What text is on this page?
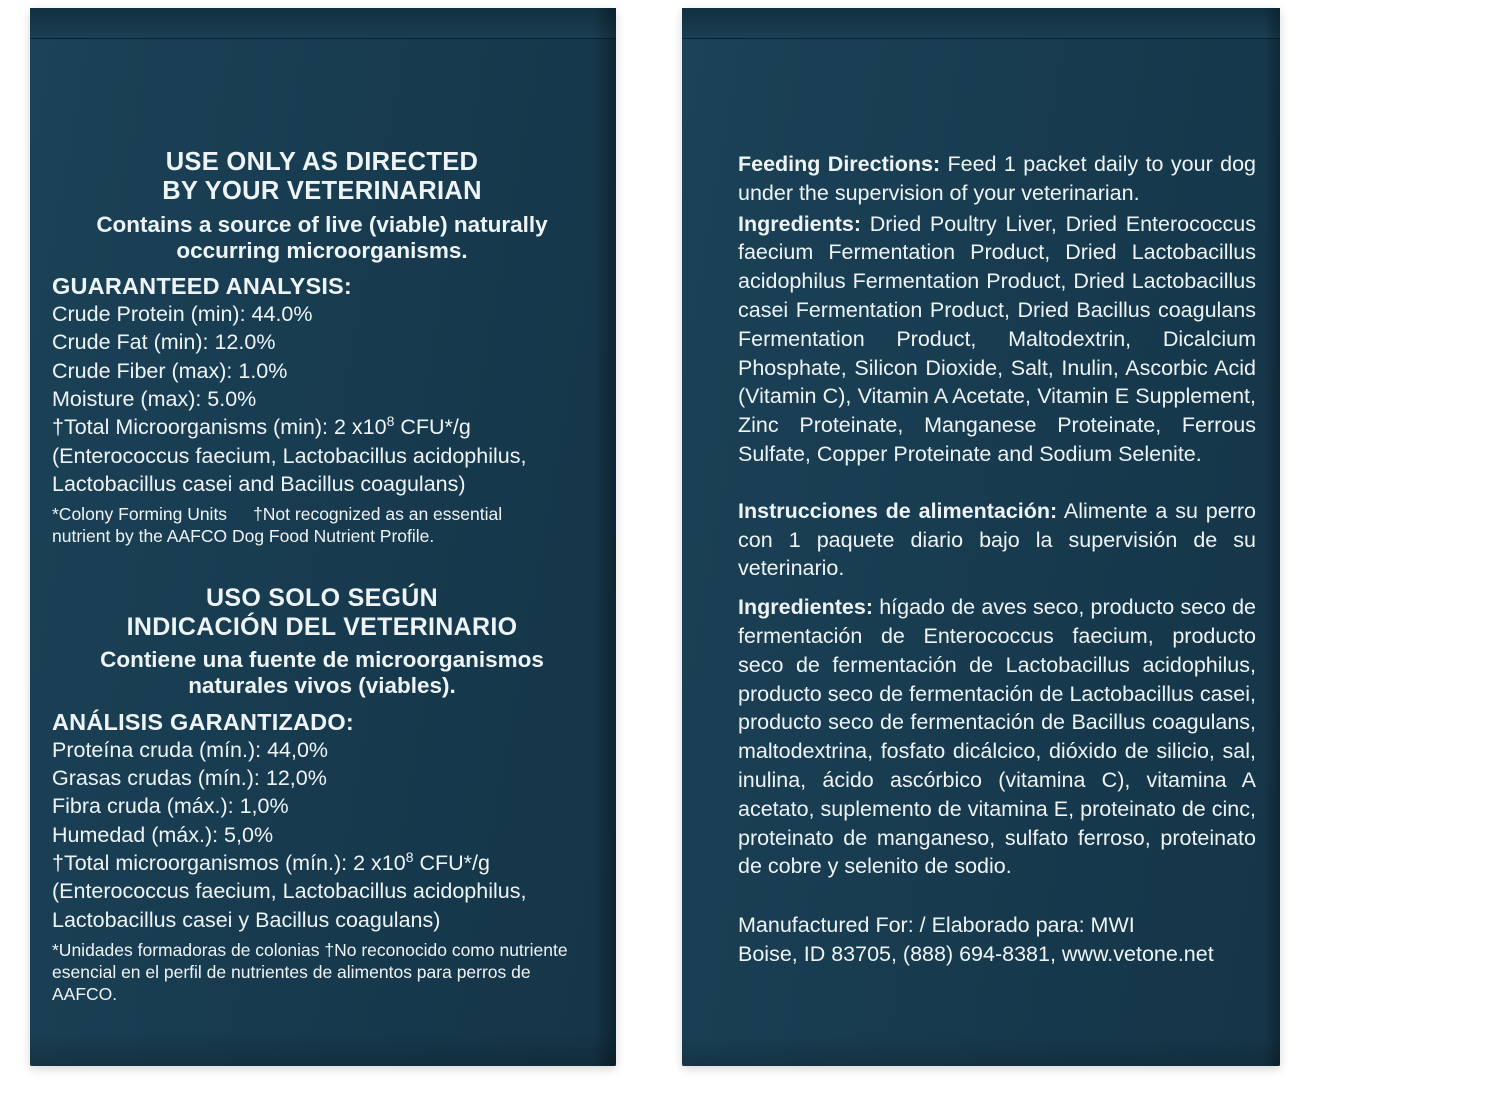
USE ONLY AS DIRECTED
BY YOUR VETERINARIAN
Contains a source of live (viable) naturally
occurring microorganisms.
GUARANTEED ANALYSIS:
Crude Protein (min): 44.0%
Crude Fat (min): 12.0%
Crude Fiber (max): 1.0%
Moisture (max): 5.0%
†Total Microorganisms (min): 2 $x10^8$ CFU*/g
(Enterococcus faecium, Lactobacillus acidophilus,
Lactobacillus casei and Bacillus coagulans)
*Colony Forming Units †Not recognized as an essential
nutrient by the AAFCO Dog Food Nutrient Profile.
USO SOLO SEGÚN
INDICACIÓN DEL VETERINARIO
Contiene una fuente de microorganismos
naturales vivos (viables).
ANÁLISIS GARANTIZADO:
Proteína cruda (mín.): 44,0%
Grasas crudas (mín.): 12,0%
Fibra cruda (máx.): 1,0%
Humedad (máx.): 5,0%
†Total microorganismos (mín.): 2 $x10^8$ CFU*/g
(Enterococcus faecium, Lactobacillus acidophilus,
Lactobacillus casei y Bacillus coagulans)
*Unidades formadoras de colonias †No reconocido como nutriente
esencial en el perfil de nutrientes de alimentos para perros de AAFCO.

Feeding Directions: Feed 1 packet daily to your dog under the supervision of your veterinarian.

Ingredients: Dried Poultry Liver, Dried Enterococcus faecium Fermentation Product, Dried Lactobacillus acidophilus Fermentation Product, Dried Lactobacillus casei Fermentation Product, Dried Bacillus coagulans Fermentation Product, Maltodextrin, Dicalcium Phosphate, Silicon Dioxide, Salt, Inulin, Ascorbic Acid (Vitamin C), Vitamin A Acetate, Vitamin E Supplement, Zinc Proteinate, Manganese Proteinate, Ferrous Sulfate, Copper Proteinate and Sodium Selenite.

Instrucciones de alimentación: Alimente a su perro con 1 paquete diario bajo la supervisión de su veterinario.

Ingredientes: hígado de aves seco, producto seco de fermentación de Enterococcus faecium, producto seco de fermentación de Lactobacillus acidophilus, producto seco de fermentación de Lactobacillus casei, producto seco de fermentación de Bacillus coagulans, maltodextrina, fosfato dicálcico, dióxido de silicio, sal, inulina, ácido ascórbico (vitamina C), vitamina A acetato, suplemento de vitamina E, proteinato de cinc, proteinato de manganeso, sulfato ferroso, proteinato de cobre y selenito de sodio.

Manufactured For: / Elaborado para: MWI
Boise, ID 83705, (888) 694-8381, www.vetone.net
